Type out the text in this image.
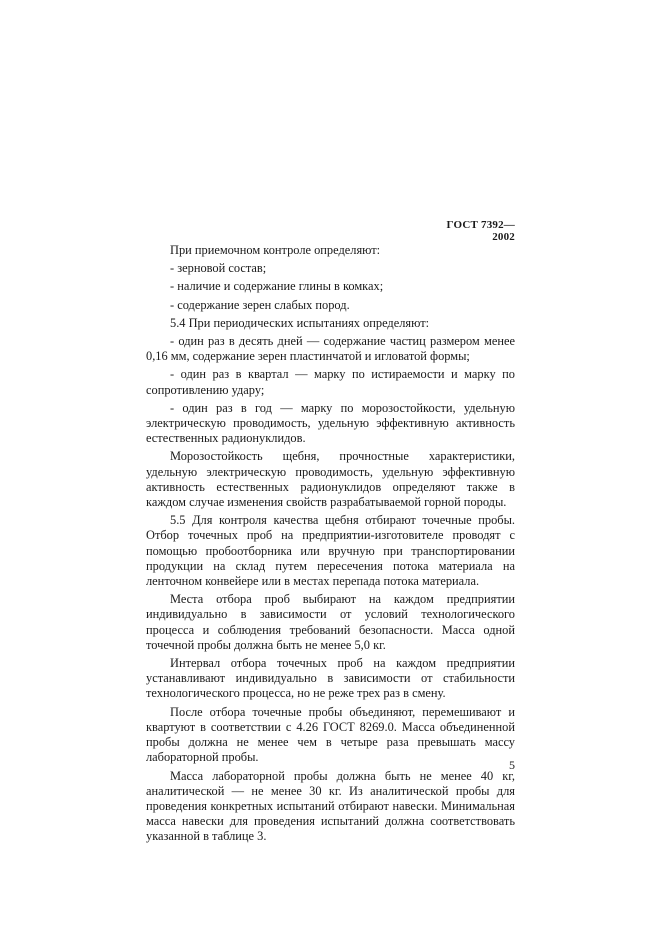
ГОСТ 7392—2002

При приемочном контроле определяют:

- зерновой состав;

- наличие и содержание глины в комках;

- содержание зерен слабых пород.

5.4 При периодических испытаниях определяют:

- один раз в десять дней — содержание частиц размером менее 0,16 мм, содержание зерен пластинчатой и игловатой формы;

- один раз в квартал — марку по истираемости и марку по сопротивлению удару;

- один раз в год — марку по морозостойкости, удельную электрическую проводимость, удельную эффективную активность естественных радионуклидов.

Морозостойкость щебня, прочностные характеристики, удельную электрическую проводимость, удельную эффективную активность естественных радионуклидов определяют также в каждом случае изменения свойств разрабатываемой горной породы.

5.5 Для контроля качества щебня отбирают точечные пробы. Отбор точечных проб на предприятии-изготовителе проводят с помощью пробоотборника или вручную при транспортировании продукции на склад путем пересечения потока материала на ленточном конвейере или в местах перепада потока материала.

Места отбора проб выбирают на каждом предприятии индивидуально в зависимости от условий технологического процесса и соблюдения требований безопасности. Масса одной точечной пробы должна быть не менее 5,0 кг.

Интервал отбора точечных проб на каждом предприятии устанавливают индивидуально в зависимости от стабильности технологического процесса, но не реже трех раз в смену.

После отбора точечные пробы объединяют, перемешивают и квартуют в соответствии с 4.26 ГОСТ 8269.0. Масса объединенной пробы должна не менее чем в четыре раза превышать массу лабораторной пробы.

Масса лабораторной пробы должна быть не менее 40 кг, аналитической — не менее 30 кг. Из аналитической пробы для проведения конкретных испытаний отбирают навески. Минимальная масса навески для проведения испытаний должна соответствовать указанной в таблице 3.

5
